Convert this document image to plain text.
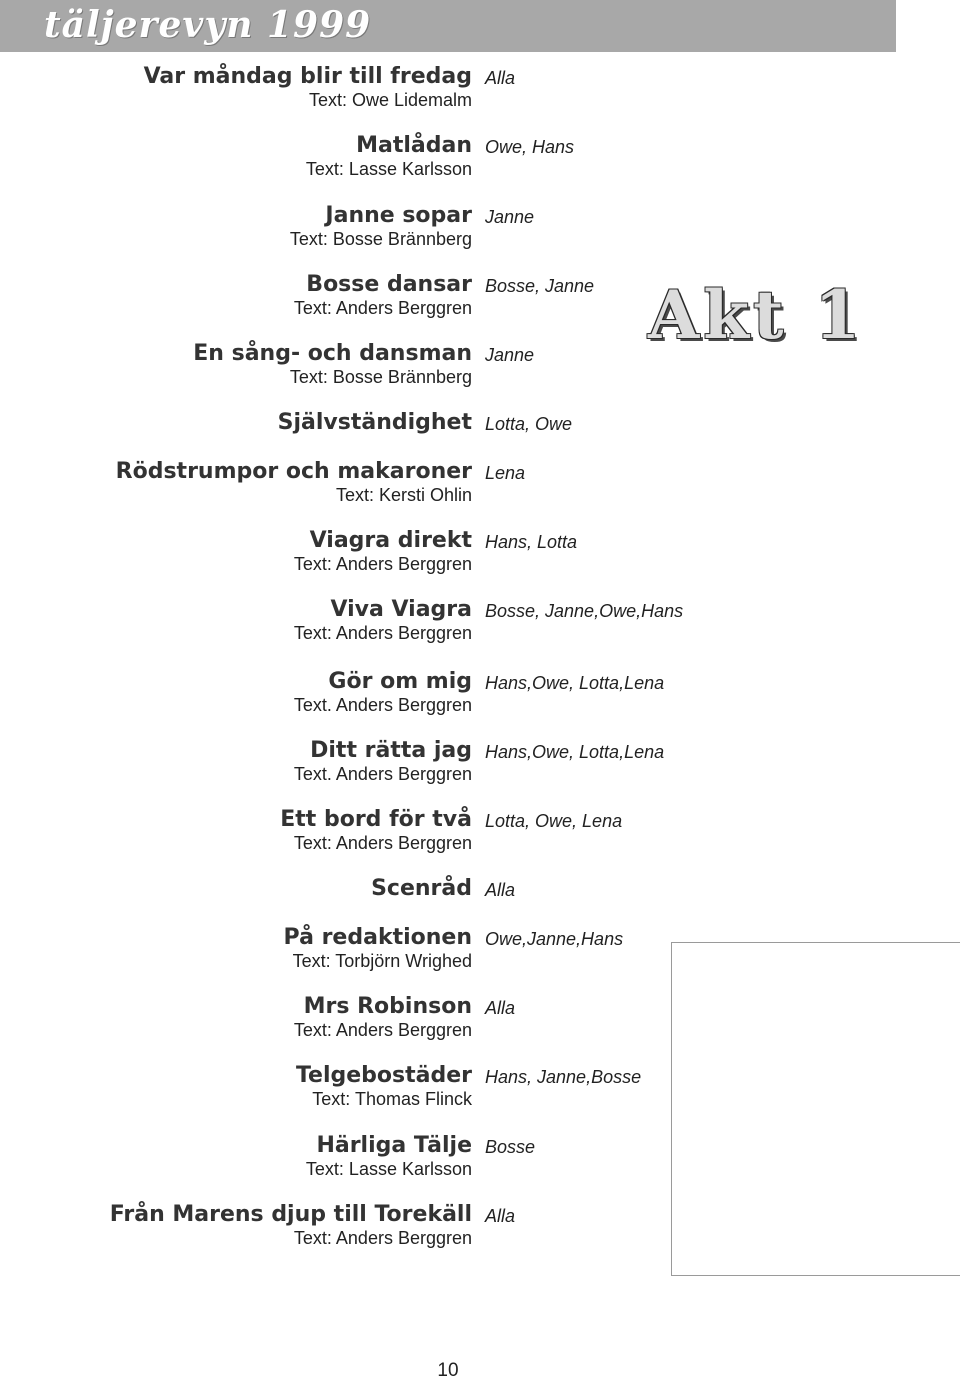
täljerevyn 1999
Akt 1
Var måndag blir till fredag
Text: Owe Lidemalm
Alla
Matlådan
Text: Lasse Karlsson
Owe, Hans
Janne sopar
Text: Bosse Brännberg
Janne
Bosse dansar
Text: Anders Berggren
Bosse, Janne
En sång- och dansman
Text: Bosse Brännberg
Janne
Självständighet Lotta, Owe
Rödstrumpor och makaroner
Text: Kersti Ohlin
Lena
Viagra direkt
Text: Anders Berggren
Hans, Lotta
Viva Viagra
Text: Anders Berggren
Bosse, Janne,Owe,Hans
Gör om mig
Text. Anders Berggren
Hans,Owe, Lotta,Lena
Ditt rätta jag
Text. Anders Berggren
Hans,Owe, Lotta,Lena
Ett bord för två
Text: Anders Berggren
Lotta, Owe, Lena
Scenråd Alla
På redaktionen
Text: Torbjörn Wrighed
Owe,Janne,Hans
Mrs Robinson
Text: Anders Berggren
Alla
Telgebostäder
Text: Thomas Flinck
Hans, Janne,Bosse
Härliga Tälje
Text: Lasse Karlsson
Bosse
Från Marens djup till Torekäll
Text: Anders Berggren
Alla
10
